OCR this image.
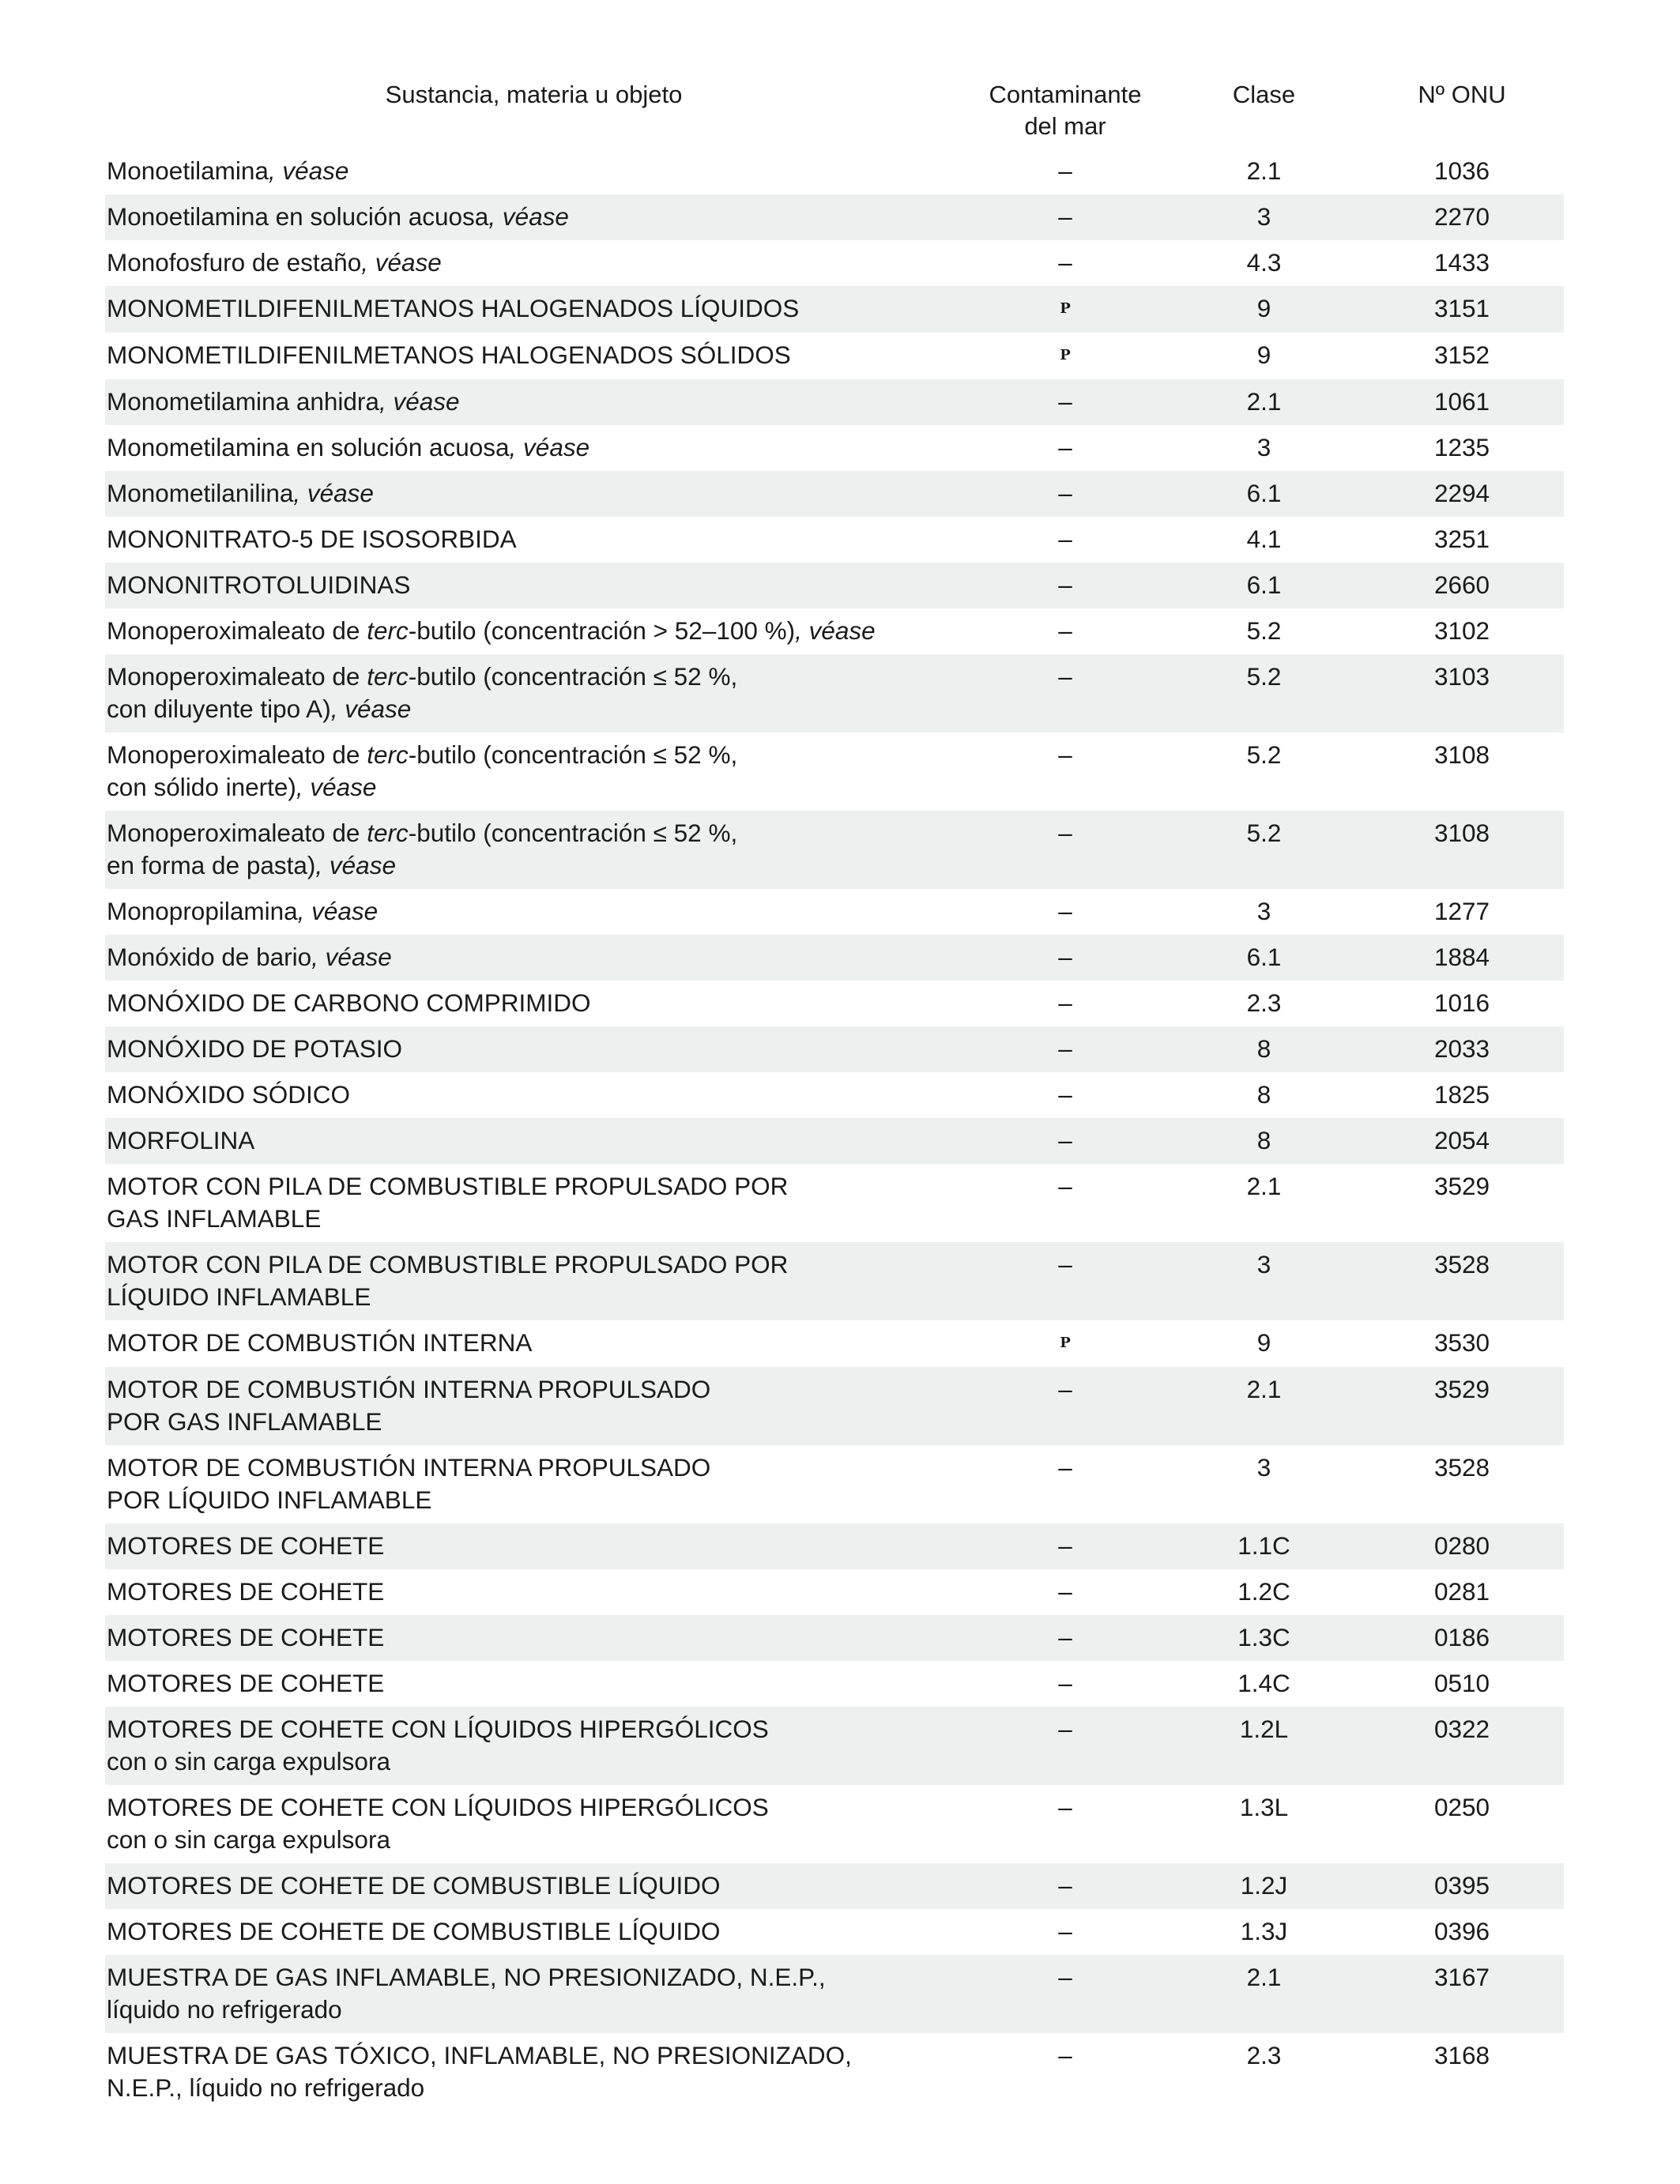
Sustancia, materia u objeto	Contaminante
del mar	Clase	Nº ONU
Monoetilamina, véase	–	2.1	1036
Monoetilamina en solución acuosa, véase	–	3	2270
Monofosfuro de estaño, véase	–	4.3	1433
MONOMETILDIFENILMETANOS HALOGENADOS LÍQUIDOS	P	9	3151
MONOMETILDIFENILMETANOS HALOGENADOS SÓLIDOS	P	9	3152
Monometilamina anhidra, véase	–	2.1	1061
Monometilamina en solución acuosa, véase	–	3	1235
Monometilanilina, véase	–	6.1	2294
MONONITRATO-5 DE ISOSORBIDA	–	4.1	3251
MONONITROTOLUIDINAS	–	6.1	2660
Monoperoximaleato de terc-butilo (concentración > 52–100 %), véase	–	5.2	3102
Monoperoximaleato de terc-butilo (concentración ≤ 52 %,
con diluyente tipo A), véase	–	5.2	3103
Monoperoximaleato de terc-butilo (concentración ≤ 52 %,
con sólido inerte), véase	–	5.2	3108
Monoperoximaleato de terc-butilo (concentración ≤ 52 %,
en forma de pasta), véase	–	5.2	3108
Monopropilamina, véase	–	3	1277
Monóxido de bario, véase	–	6.1	1884
MONÓXIDO DE CARBONO COMPRIMIDO	–	2.3	1016
MONÓXIDO DE POTASIO	–	8	2033
MONÓXIDO SÓDICO	–	8	1825
MORFOLINA	–	8	2054
MOTOR CON PILA DE COMBUSTIBLE PROPULSADO POR
GAS INFLAMABLE	–	2.1	3529
MOTOR CON PILA DE COMBUSTIBLE PROPULSADO POR
LÍQUIDO INFLAMABLE	–	3	3528
MOTOR DE COMBUSTIÓN INTERNA	P	9	3530
MOTOR DE COMBUSTIÓN INTERNA PROPULSADO
POR GAS INFLAMABLE	–	2.1	3529
MOTOR DE COMBUSTIÓN INTERNA PROPULSADO
POR LÍQUIDO INFLAMABLE	–	3	3528
MOTORES DE COHETE	–	1.1C	0280
MOTORES DE COHETE	–	1.2C	0281
MOTORES DE COHETE	–	1.3C	0186
MOTORES DE COHETE	–	1.4C	0510
MOTORES DE COHETE CON LÍQUIDOS HIPERGÓLICOS
con o sin carga expulsora	–	1.2L	0322
MOTORES DE COHETE CON LÍQUIDOS HIPERGÓLICOS
con o sin carga expulsora	–	1.3L	0250
MOTORES DE COHETE DE COMBUSTIBLE LÍQUIDO	–	1.2J	0395
MOTORES DE COHETE DE COMBUSTIBLE LÍQUIDO	–	1.3J	0396
MUESTRA DE GAS INFLAMABLE, NO PRESIONIZADO, N.E.P.,
líquido no refrigerado	–	2.1	3167
MUESTRA DE GAS TÓXICO, INFLAMABLE, NO PRESIONIZADO,
N.E.P., líquido no refrigerado	–	2.3	3168
